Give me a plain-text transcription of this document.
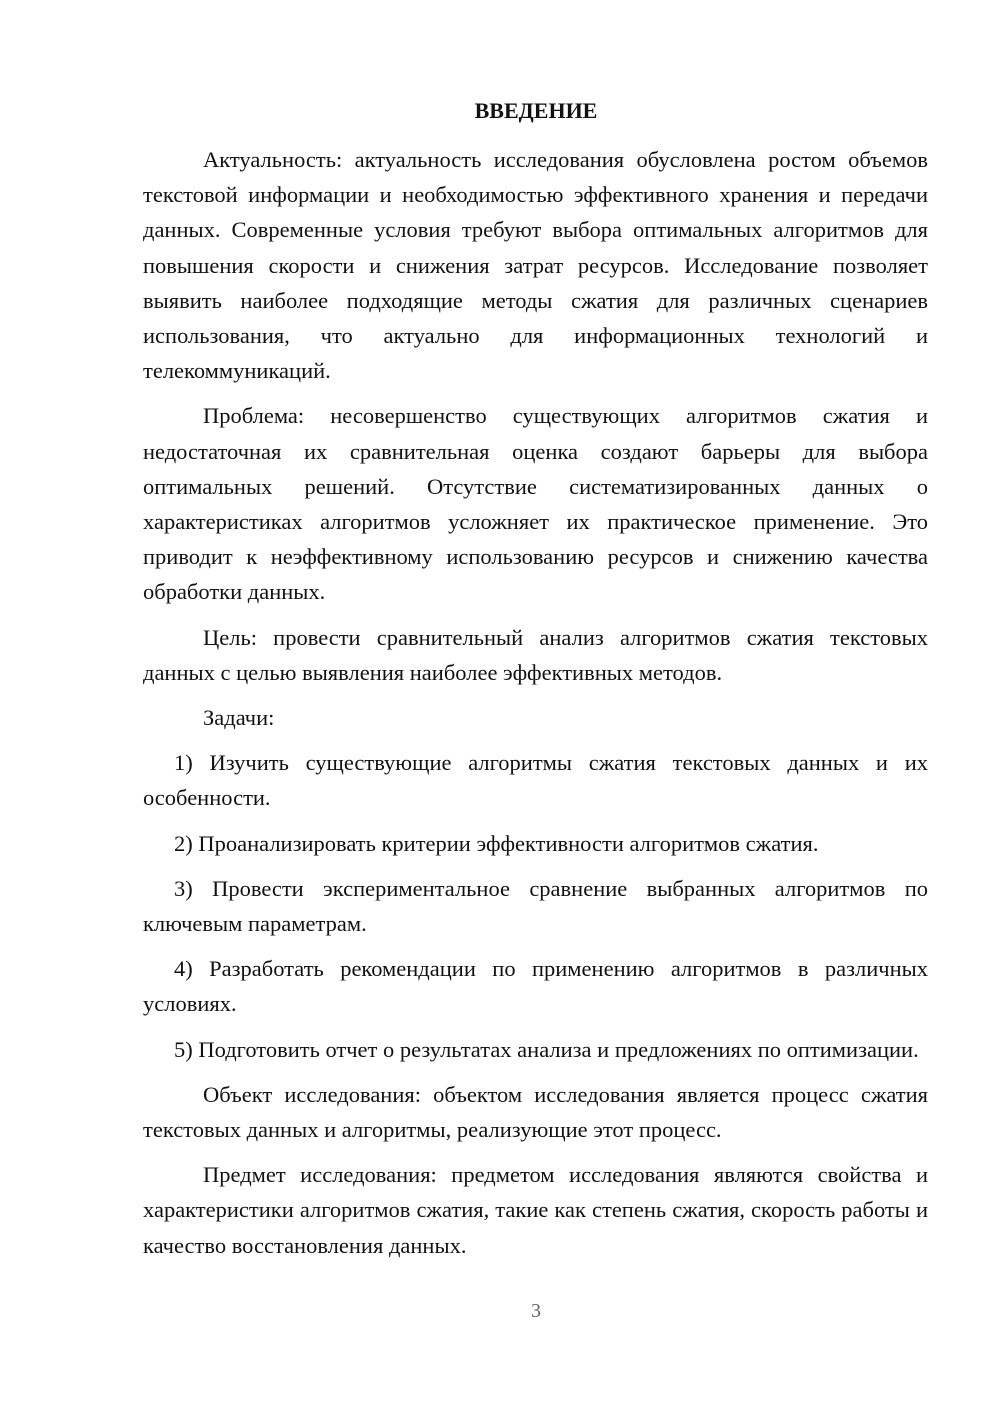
ВВЕДЕНИЕ

Актуальность: актуальность исследования обусловлена ростом объемов текстовой информации и необходимостью эффективного хранения и передачи данных. Современные условия требуют выбора оптимальных алгоритмов для повышения скорости и снижения затрат ресурсов. Исследование позволяет выявить наиболее подходящие методы сжатия для различных сценариев использования, что актуально для информационных технологий и телекоммуникаций.

Проблема: несовершенство существующих алгоритмов сжатия и недостаточная их сравнительная оценка создают барьеры для выбора оптимальных решений. Отсутствие систематизированных данных о характеристиках алгоритмов усложняет их практическое применение. Это приводит к неэффективному использованию ресурсов и снижению качества обработки данных.

Цель: провести сравнительный анализ алгоритмов сжатия текстовых данных с целью выявления наиболее эффективных методов.

Задачи:

1) Изучить существующие алгоритмы сжатия текстовых данных и их особенности.

2) Проанализировать критерии эффективности алгоритмов сжатия.

3) Провести экспериментальное сравнение выбранных алгоритмов по ключевым параметрам.

4) Разработать рекомендации по применению алгоритмов в различных условиях.

5) Подготовить отчет о результатах анализа и предложениях по оптимизации.

Объект исследования: объектом исследования является процесс сжатия текстовых данных и алгоритмы, реализующие этот процесс.

Предмет исследования: предметом исследования являются свойства и характеристики алгоритмов сжатия, такие как степень сжатия, скорость работы и качество восстановления данных.

3
